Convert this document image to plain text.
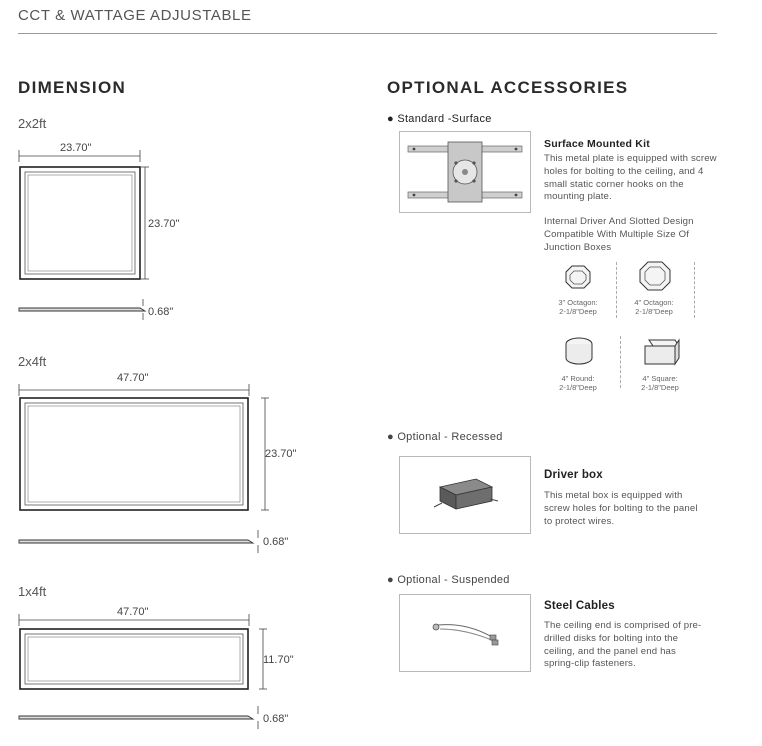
CCT & WATTAGE ADJUSTABLE
DIMENSION
2x2ft
23.70"
23.70"
0.68"
2x4ft
47.70"
23.70"
0.68"
1x4ft
47.70"
11.70"
0.68"
OPTIONAL ACCESSORIES
● Standard -Surface
Surface Mounted Kit
This metal plate is equipped with screw holes for bolting to the ceiling, and 4 small static corner hooks on the mounting plate.
Internal Driver And Slotted Design Compatible With Multiple Size Of Junction Boxes
3" Octagon:
2-1/8"Deep
4" Octagon:
2-1/8"Deep
4" Round:
2-1/8"Deep
4" Square:
2-1/8"Deep
● Optional - Recessed
Driver box
This metal box is equipped with screw holes for bolting to the panel to protect wires.
● Optional - Suspended
Steel Cables
The ceiling end is comprised of pre-drilled disks for bolting into the ceiling, and the panel end has spring-clip fasteners.
